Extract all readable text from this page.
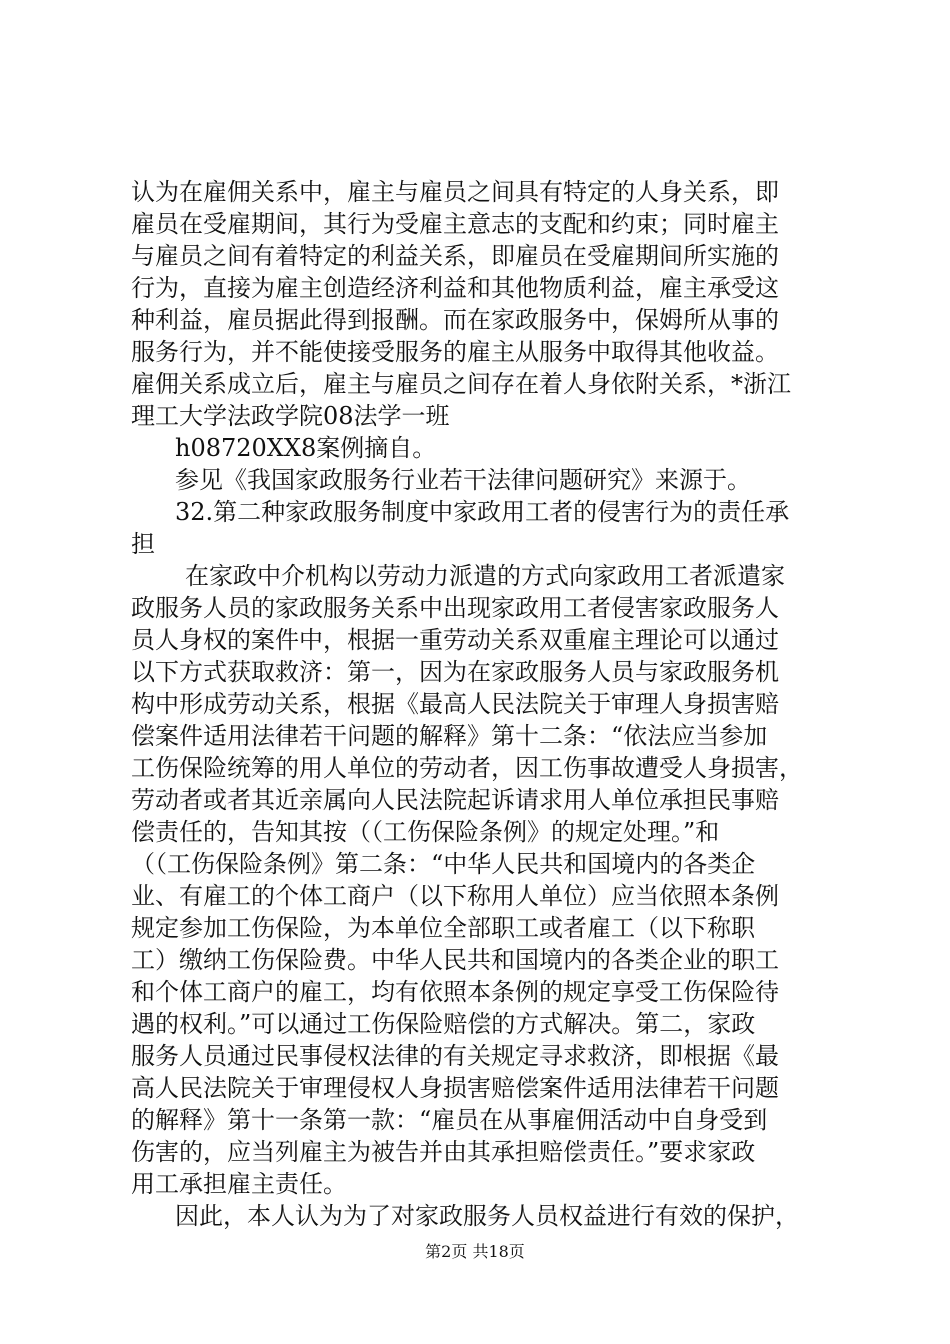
认为在雇佣关系中，雇主与雇员之间具有特定的人身关系，即
雇员在受雇期间，其行为受雇主意志的支配和约束；同时雇主
与雇员之间有着特定的利益关系，即雇员在受雇期间所实施的
行为，直接为雇主创造经济利益和其他物质利益，雇主承受这
种利益，雇员据此得到报酬。而在家政服务中，保姆所从事的
服务行为，并不能使接受服务的雇主从服务中取得其他收益。
雇佣关系成立后，雇主与雇员之间存在着人身依附关系，*浙江
理工大学法政学院08法学一班
h08720XX8案例摘自。
参见《我国家政服务行业若干法律问题研究》来源于。
32.第二种家政服务制度中家政用工者的侵害行为的责任承
担
在家政中介机构以劳动力派遣的方式向家政用工者派遣家
政服务人员的家政服务关系中出现家政用工者侵害家政服务人
员人身权的案件中，根据一重劳动关系双重雇主理论可以通过
以下方式获取救济：第一，因为在家政服务人员与家政服务机
构中形成劳动关系，根据《最高人民法院关于审理人身损害赔
偿案件适用法律若干问题的解释》第十二条：“依法应当参加
工伤保险统筹的用人单位的劳动者，因工伤事故遭受人身损害，
劳动者或者其近亲属向人民法院起诉请求用人单位承担民事赔
偿责任的，告知其按（（工伤保险条例》的规定处理。”和
（（工伤保险条例》第二条：“中华人民共和国境内的各类企
业、有雇工的个体工商户（以下称用人单位）应当依照本条例
规定参加工伤保险，为本单位全部职工或者雇工（以下称职
工）缴纳工伤保险费。中华人民共和国境内的各类企业的职工
和个体工商户的雇工，均有依照本条例的规定享受工伤保险待
遇的权利。”可以通过工伤保险赔偿的方式解决。第二，家政
服务人员通过民事侵权法律的有关规定寻求救济，即根据《最
高人民法院关于审理侵权人身损害赔偿案件适用法律若干问题
的解释》第十一条第一款：“雇员在从事雇佣活动中自身受到
伤害的，应当列雇主为被告并由其承担赔偿责任。”要求家政
用工承担雇主责任。
因此，本人认为为了对家政服务人员权益进行有效的保护，
第2页 共18页
